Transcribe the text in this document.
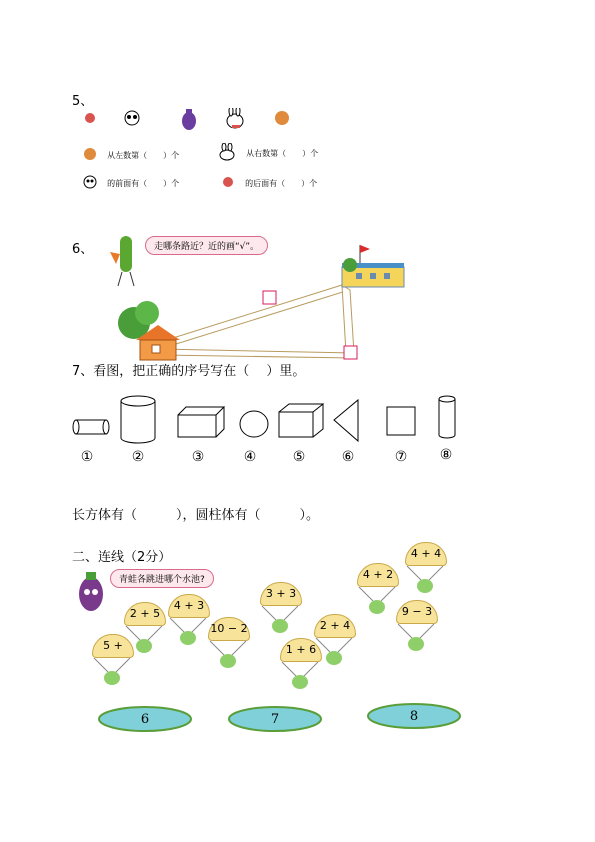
5、
从左数第（　　）个	从右数第（　　）个
的前面有（　　）个	的后面有（　　）个
6、	走哪条路近？近的画“√”。
7、看图，把正确的序号写在（　 ）里。
①	②	③	④	⑤	⑥	⑦	⑧
长方体有（　　　），圆柱体有（　　　）。
二、连线（2分）
青蛙各跳进哪个水池?
4 + 4
4 + 2
2 + 5
4 + 3
3 + 3
9 − 3
10 − 2	2 + 4
5 +	1 + 6
6	7	8
